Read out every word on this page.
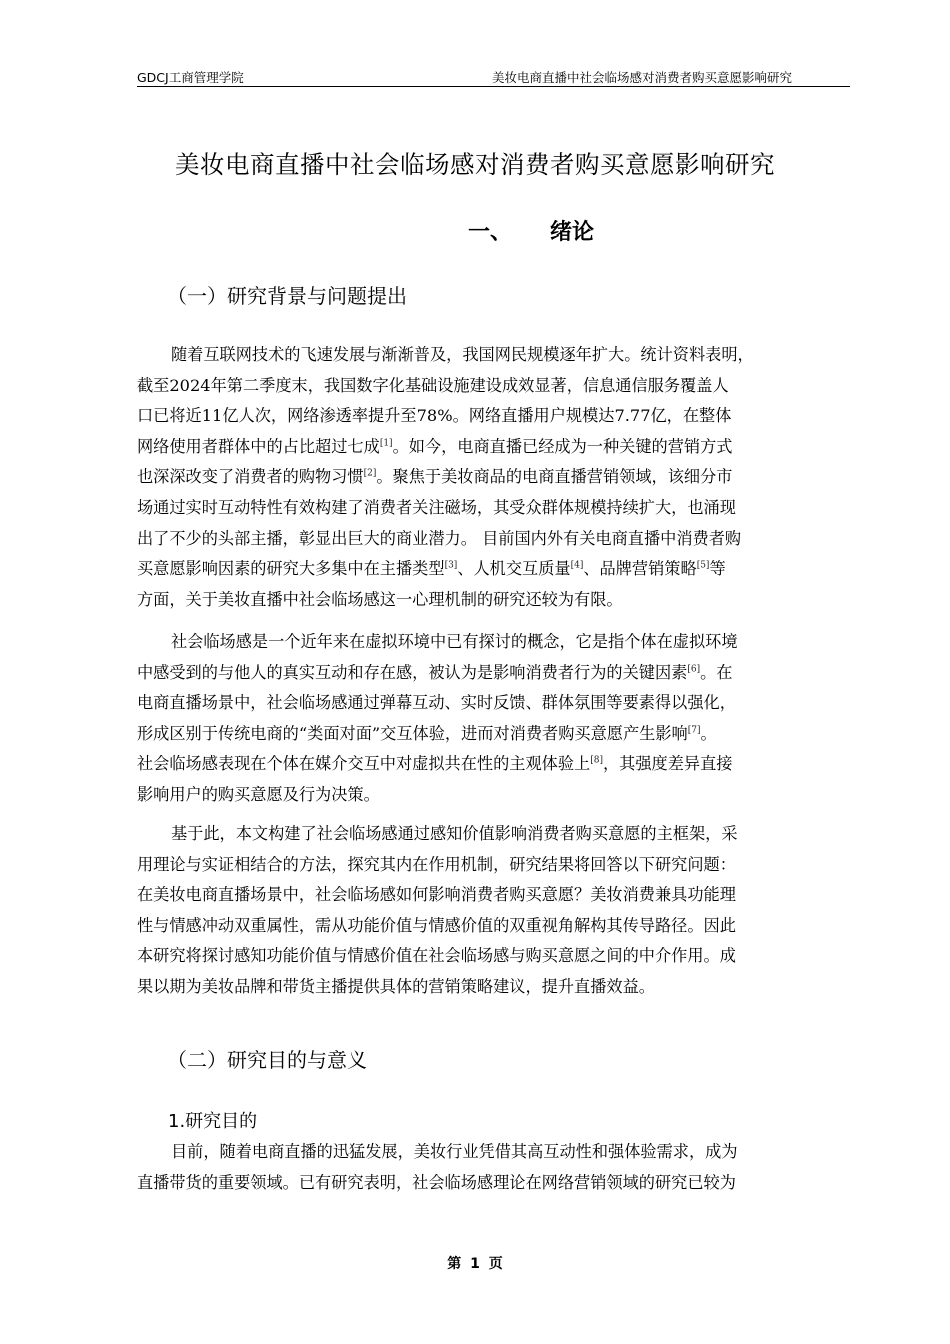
GDCJ工商管理学院	美妆电商直播中社会临场感对消费者购买意愿影响研究
美妆电商直播中社会临场感对消费者购买意愿影响研究
一、 绪论
（一）研究背景与问题提出
随着互联网技术的飞速发展与渐渐普及，我国网民规模逐年扩大。统计资料表明，
截至2024年第二季度末，我国数字化基础设施建设成效显著，信息通信服务覆盖人
口已将近11亿人次，网络渗透率提升至78%。网络直播用户规模达7.77亿，在整体
网络使用者群体中的占比超过七成[1]。如今，电商直播已经成为一种关键的营销方式
也深深改变了消费者的购物习惯[2]。聚焦于美妆商品的电商直播营销领域，该细分市
场通过实时互动特性有效构建了消费者关注磁场，其受众群体规模持续扩大，也涌现
出了不少的头部主播，彰显出巨大的商业潜力。 目前国内外有关电商直播中消费者购
买意愿影响因素的研究大多集中在主播类型[3]、人机交互质量[4]、品牌营销策略[5]等
方面，关于美妆直播中社会临场感这一心理机制的研究还较为有限。
社会临场感是一个近年来在虚拟环境中已有探讨的概念，它是指个体在虚拟环境
中感受到的与他人的真实互动和存在感，被认为是影响消费者行为的关键因素[6]。在
电商直播场景中，社会临场感通过弹幕互动、实时反馈、群体氛围等要素得以强化，
形成区别于传统电商的“类面对面”交互体验，进而对消费者购买意愿产生影响[7]。
社会临场感表现在个体在媒介交互中对虚拟共在性的主观体验上[8]，其强度差异直接
影响用户的购买意愿及行为决策。
基于此，本文构建了社会临场感通过感知价值影响消费者购买意愿的主框架，采
用理论与实证相结合的方法，探究其内在作用机制，研究结果将回答以下研究问题：
在美妆电商直播场景中，社会临场感如何影响消费者购买意愿？美妆消费兼具功能理
性与情感冲动双重属性，需从功能价值与情感价值的双重视角解构其传导路径。因此
本研究将探讨感知功能价值与情感价值在社会临场感与购买意愿之间的中介作用。成
果以期为美妆品牌和带货主播提供具体的营销策略建议，提升直播效益。
（二）研究目的与意义
1.研究目的
目前，随着电商直播的迅猛发展，美妆行业凭借其高互动性和强体验需求，成为
直播带货的重要领域。已有研究表明，社会临场感理论在网络营销领域的研究已较为
第 1 页
